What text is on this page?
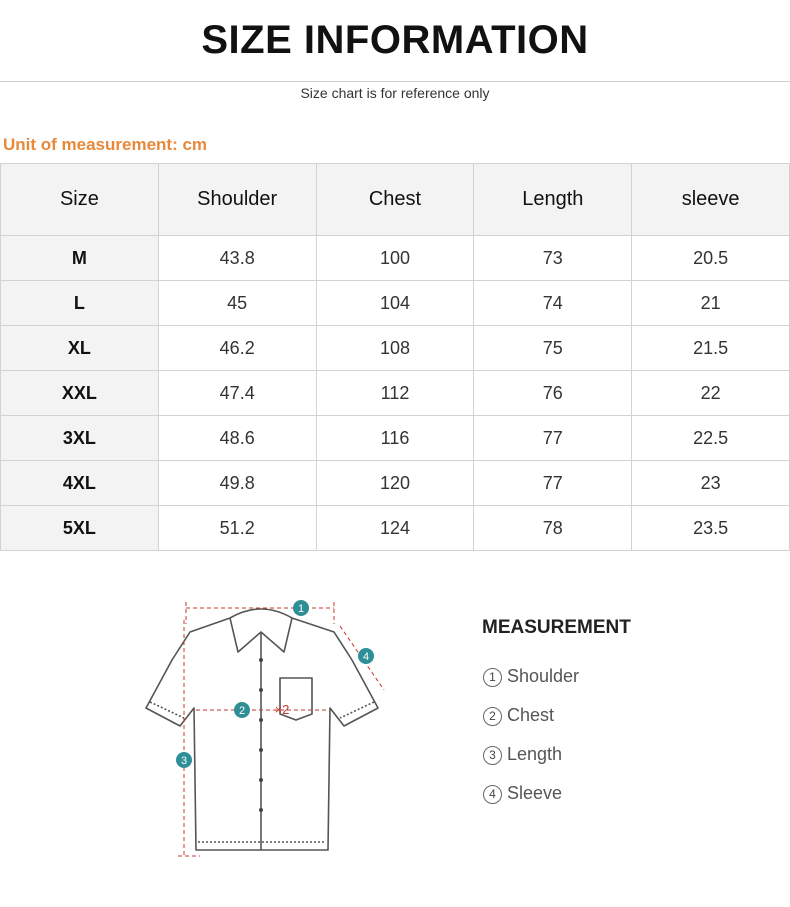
SIZE INFORMATION
Size chart is for reference only
Unit of measurement: cm
Size	Shoulder	Chest	Length	sleeve
M	43.8	100	73	20.5
L	45	104	74	21
XL	46.2	108	75	21.5
XXL	47.4	112	76	22
3XL	48.6	116	77	22.5
4XL	49.8	120	77	23
5XL	51.2	124	78	23.5
1
2 ×2
3
4
MEASUREMENT
1 Shoulder
2 Chest
3 Length
4 Sleeve
